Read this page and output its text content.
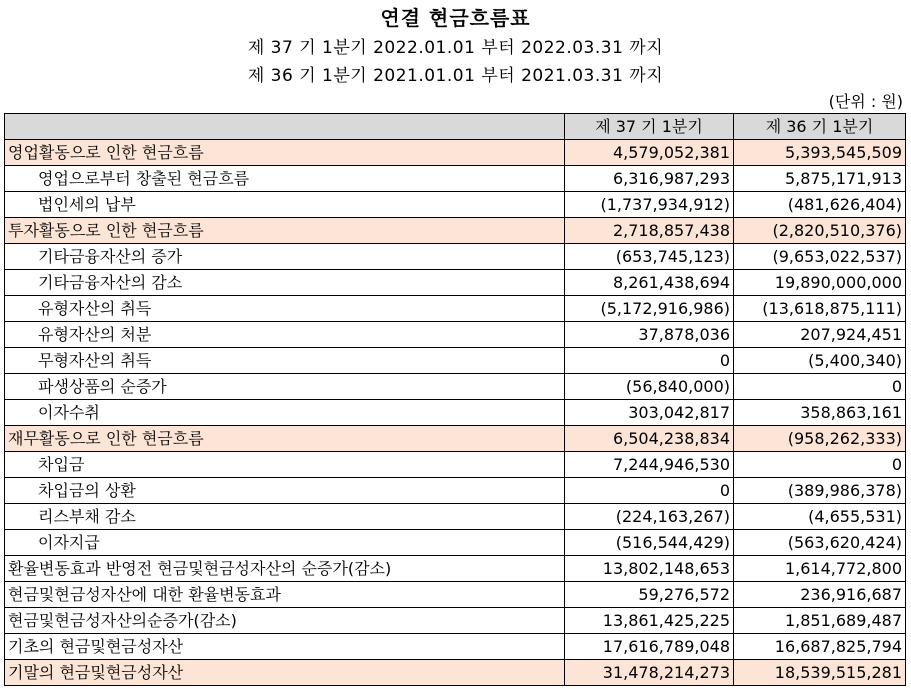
연결 현금흐름표
제 37 기 1분기 2022.01.01 부터 2022.03.31 까지
제 36 기 1분기 2021.01.01 부터 2021.03.31 까지
(단위 : 원)
	제 37 기 1분기	제 36 기 1분기
영업활동으로 인한 현금흐름	4,579,052,381	5,393,545,509
영업으로부터 창출된 현금흐름	6,316,987,293	5,875,171,913
법인세의 납부	(1,737,934,912)	(481,626,404)
투자활동으로 인한 현금흐름	2,718,857,438	(2,820,510,376)
기타금융자산의 증가	(653,745,123)	(9,653,022,537)
기타금융자산의 감소	8,261,438,694	19,890,000,000
유형자산의 취득	(5,172,916,986)	(13,618,875,111)
유형자산의 처분	37,878,036	207,924,451
무형자산의 취득	0	(5,400,340)
파생상품의 순증가	(56,840,000)	0
이자수취	303,042,817	358,863,161
재무활동으로 인한 현금흐름	6,504,238,834	(958,262,333)
차입금	7,244,946,530	0
차입금의 상환	0	(389,986,378)
리스부채 감소	(224,163,267)	(4,655,531)
이자지급	(516,544,429)	(563,620,424)
환율변동효과 반영전 현금및현금성자산의 순증가(감소)	13,802,148,653	1,614,772,800
현금및현금성자산에 대한 환율변동효과	59,276,572	236,916,687
현금및현금성자산의순증가(감소)	13,861,425,225	1,851,689,487
기초의 현금및현금성자산	17,616,789,048	16,687,825,794
기말의 현금및현금성자산	31,478,214,273	18,539,515,281
